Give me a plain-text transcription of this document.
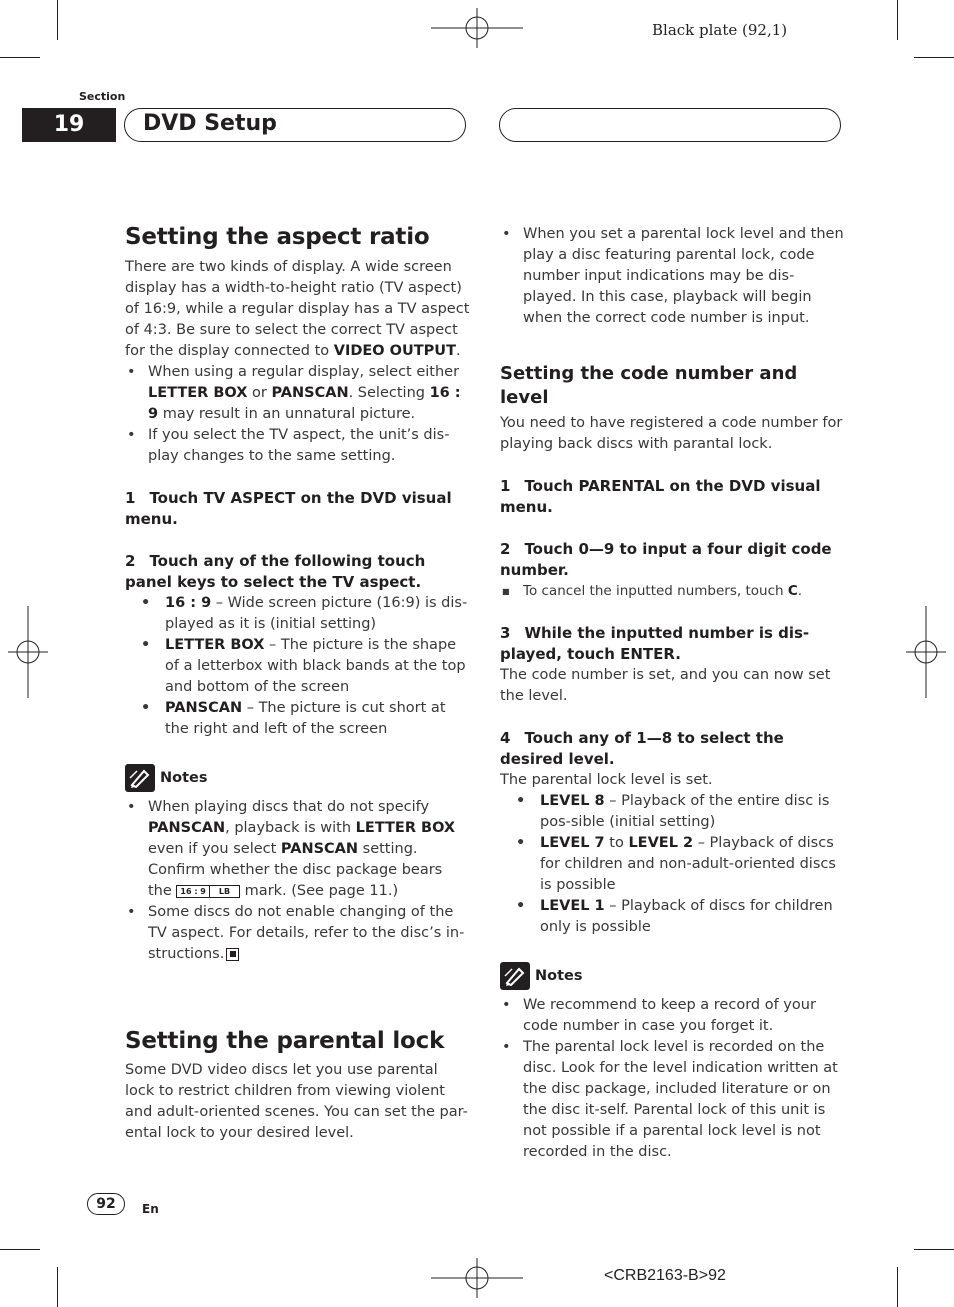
Black plate (92,1)
Section
19	DVD Setup
Setting the aspect ratio

There are two kinds of display. A wide screen display has a width-to-height ratio (TV aspect) of 16:9, while a regular display has a TV aspect of 4:3. Be sure to select the correct TV aspect for the display connected to VIDEO OUTPUT.

• When using a regular display, select either LETTER BOX or PANSCAN. Selecting 16 : 9 may result in an unnatural picture.
• If you select the TV aspect, the unit’s dis-play changes to the same setting.

1 Touch TV ASPECT on the DVD visual menu.

2 Touch any of the following touch panel keys to select the TV aspect.

• 16 : 9 – Wide screen picture (16:9) is dis-played as it is (initial setting)
• LETTER BOX – The picture is the shape of a letterbox with black bands at the top and bottom of the screen
• PANSCAN – The picture is cut short at the right and left of the screen
Notes
• When playing discs that do not specify PANSCAN, playback is with LETTER BOX even if you select PANSCAN setting. Confirm whether the disc package bears the 16 : 9 LB mark. (See page 11.)
• Some discs do not enable changing of the TV aspect. For details, refer to the disc’s in-structions.
Setting the parental lock

Some DVD video discs let you use parental lock to restrict children from viewing violent and adult-oriented scenes. You can set the par-ental lock to your desired level.

• When you set a parental lock level and then play a disc featuring parental lock, code number input indications may be dis-played. In this case, playback will begin when the correct code number is input.
Setting the code number and level

You need to have registered a code number for playing back discs with parantal lock.

1 Touch PARENTAL on the DVD visual menu.

2 Touch 0—9 to input a four digit code number.

■ To cancel the inputted numbers, touch C.

3 While the inputted number is dis-played, touch ENTER.

The code number is set, and you can now set the level.

4 Touch any of 1—8 to select the desired level.

The parental lock level is set.

• LEVEL 8 – Playback of the entire disc is pos-sible (initial setting)
• LEVEL 7 to LEVEL 2 – Playback of discs for children and non-adult-oriented discs is possible
• LEVEL 1 – Playback of discs for children only is possible
Notes
• We recommend to keep a record of your code number in case you forget it.
• The parental lock level is recorded on the disc. Look for the level indication written at the disc package, included literature or on the disc it-self. Parental lock of this unit is not possible if a parental lock level is not recorded in the disc.
92	En
<CRB2163-B>92
